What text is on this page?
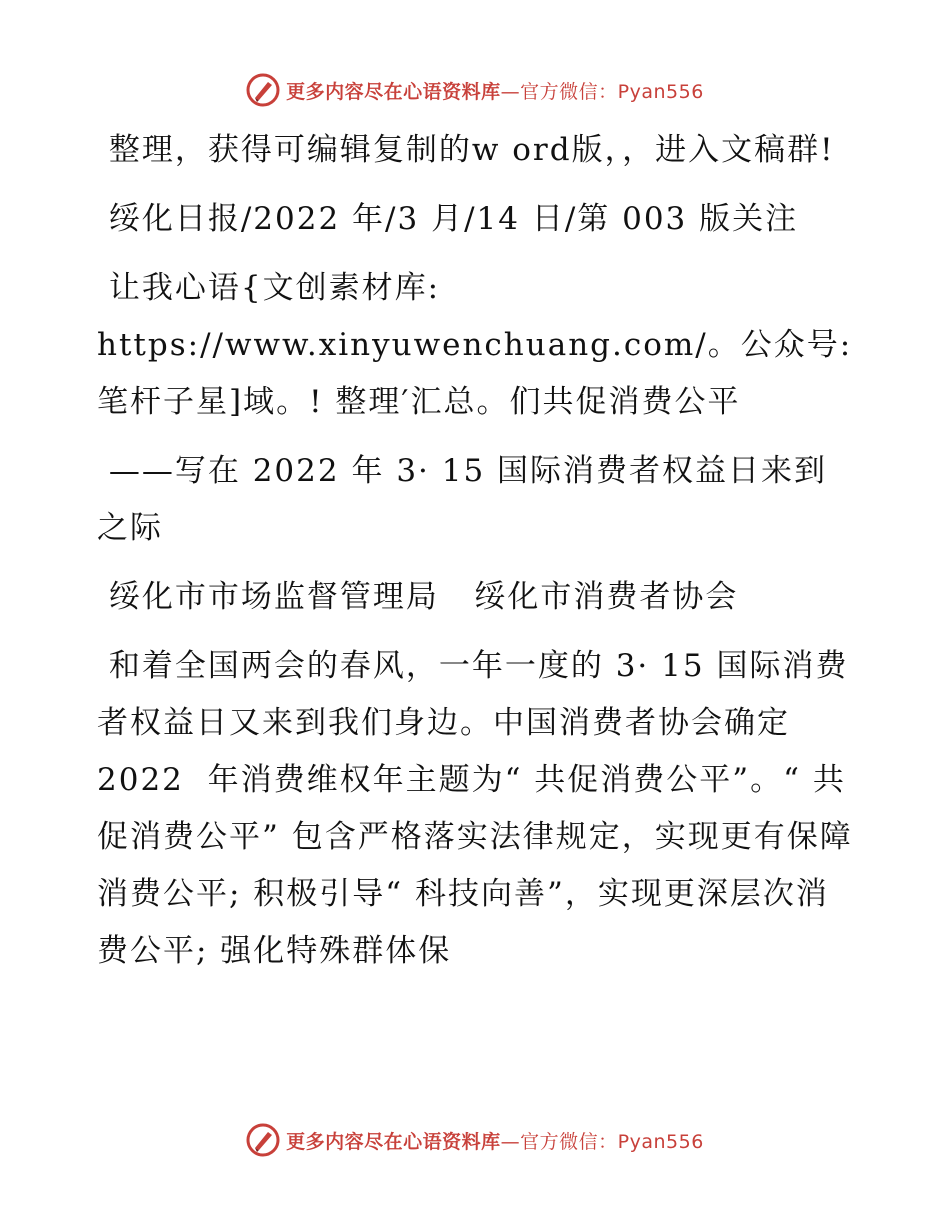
更多内容尽在心语资料库—官方微信：Pyan556

整理，获得可编辑复制的w ord版，，进入文稿群!

绥化日报/2022 年/3 月/14 日/第 003 版关注

让我心语{文创素材库: https://www.xinyuwenchuang.com/。公众号: 笔杆子星]域。! 整理′汇总。们共促消费公平

——写在 2022 年 3· 15 国际消费者权益日来到之际

绥化市市场监督管理局   绥化市消费者协会

和着全国两会的春风，一年一度的 3· 15 国际消费者权益日又来到我们身边。中国消费者协会确定 2022  年消费维权年主题为“ 共促消费公平”。“ 共促消费公平” 包含严格落实法律规定，实现更有保障消费公平; 积极引导“ 科技向善”，实现更深层次消费公平; 强化特殊群体保

更多内容尽在心语资料库—官方微信：Pyan556
